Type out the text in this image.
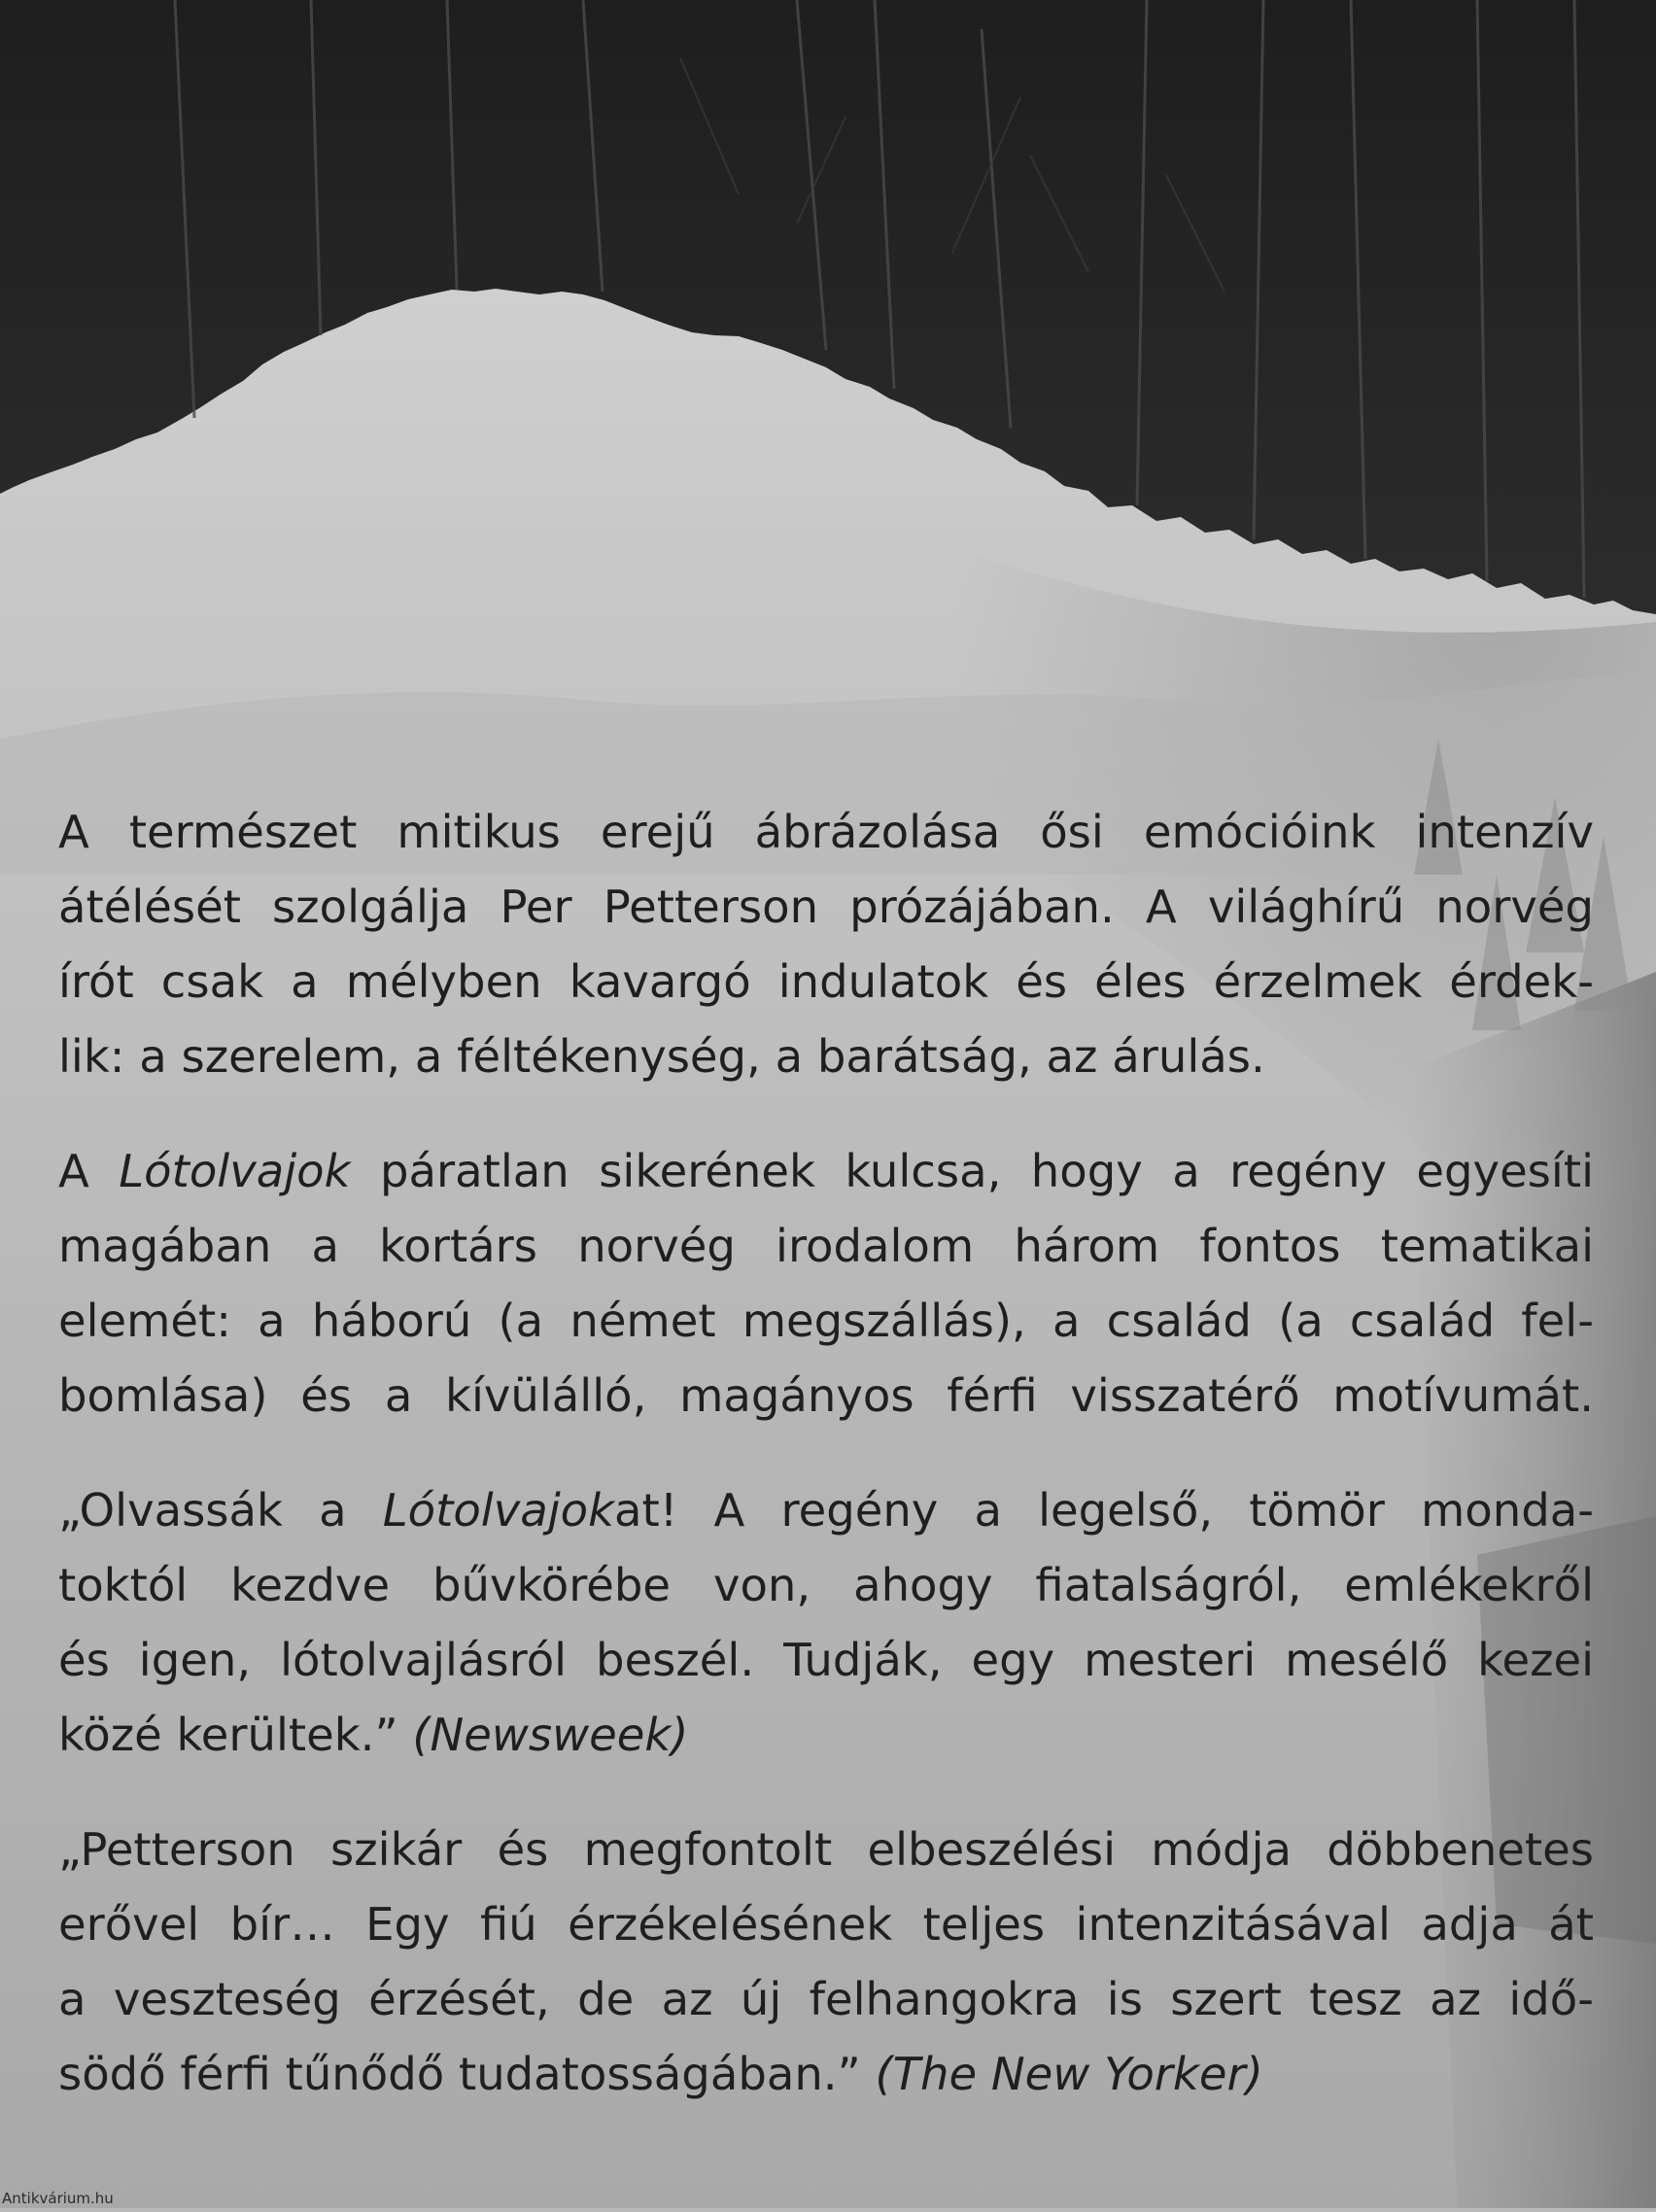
A természet mitikus erejű ábrázolása ősi emócióink intenzív
átélését szolgálja Per Petterson prózájában. A világhírű norvég
írót csak a mélyben kavargó indulatok és éles érzelmek érdek-
lik: a szerelem, a féltékenység, a barátság, az árulás.
A Lótolvajok páratlan sikerének kulcsa, hogy a regény egyesíti
magában a kortárs norvég irodalom három fontos tematikai
elemét: a háború (a német megszállás), a család (a család fel-
bomlása) és a kívülálló, magányos férfi visszatérő motívumát.
„Olvassák a Lótolvajokat! A regény a legelső, tömör monda-
toktól kezdve bűvkörébe von, ahogy fiatalságról, emlékekről
és igen, lótolvajlásról beszél. Tudják, egy mesteri mesélő kezei
közé kerültek.” (Newsweek)
„Petterson szikár és megfontolt elbeszélési módja döbbenetes
erővel bír… Egy fiú érzékelésének teljes intenzitásával adja át
a veszteség érzését, de az új felhangokra is szert tesz az idő-
södő férfi tűnődő tudatosságában.” (The New Yorker)
Antikvárium.hu
